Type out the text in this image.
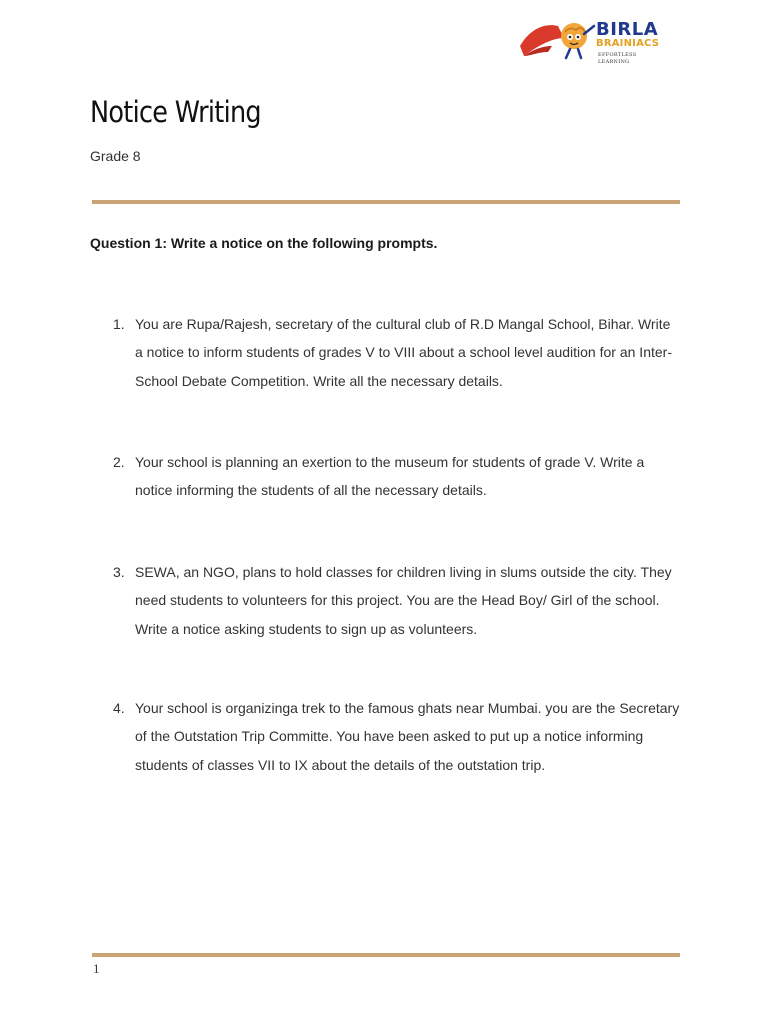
BIRLA
BRAINIACS
EFFORTLESS LEARNING
Notice Writing
Grade 8
Question 1: Write a notice on the following prompts.
1. You are Rupa/Rajesh, secretary of the cultural club of R.D Mangal School, Bihar. Write a notice to inform students of grades V to VIII about a school level audition for an Inter-School Debate Competition. Write all the necessary details.
2. Your school is planning an exertion to the museum for students of grade V. Write a notice informing the students of all the necessary details.
3. SEWA, an NGO, plans to hold classes for children living in slums outside the city. They need students to volunteers for this project. You are the Head Boy/ Girl of the school. Write a notice asking students to sign up as volunteers.
4. Your school is organizinga trek to the famous ghats near Mumbai. you are the Secretary of the Outstation Trip Committe. You have been asked to put up a notice informing students of classes VII to IX about the details of the outstation trip.
1
